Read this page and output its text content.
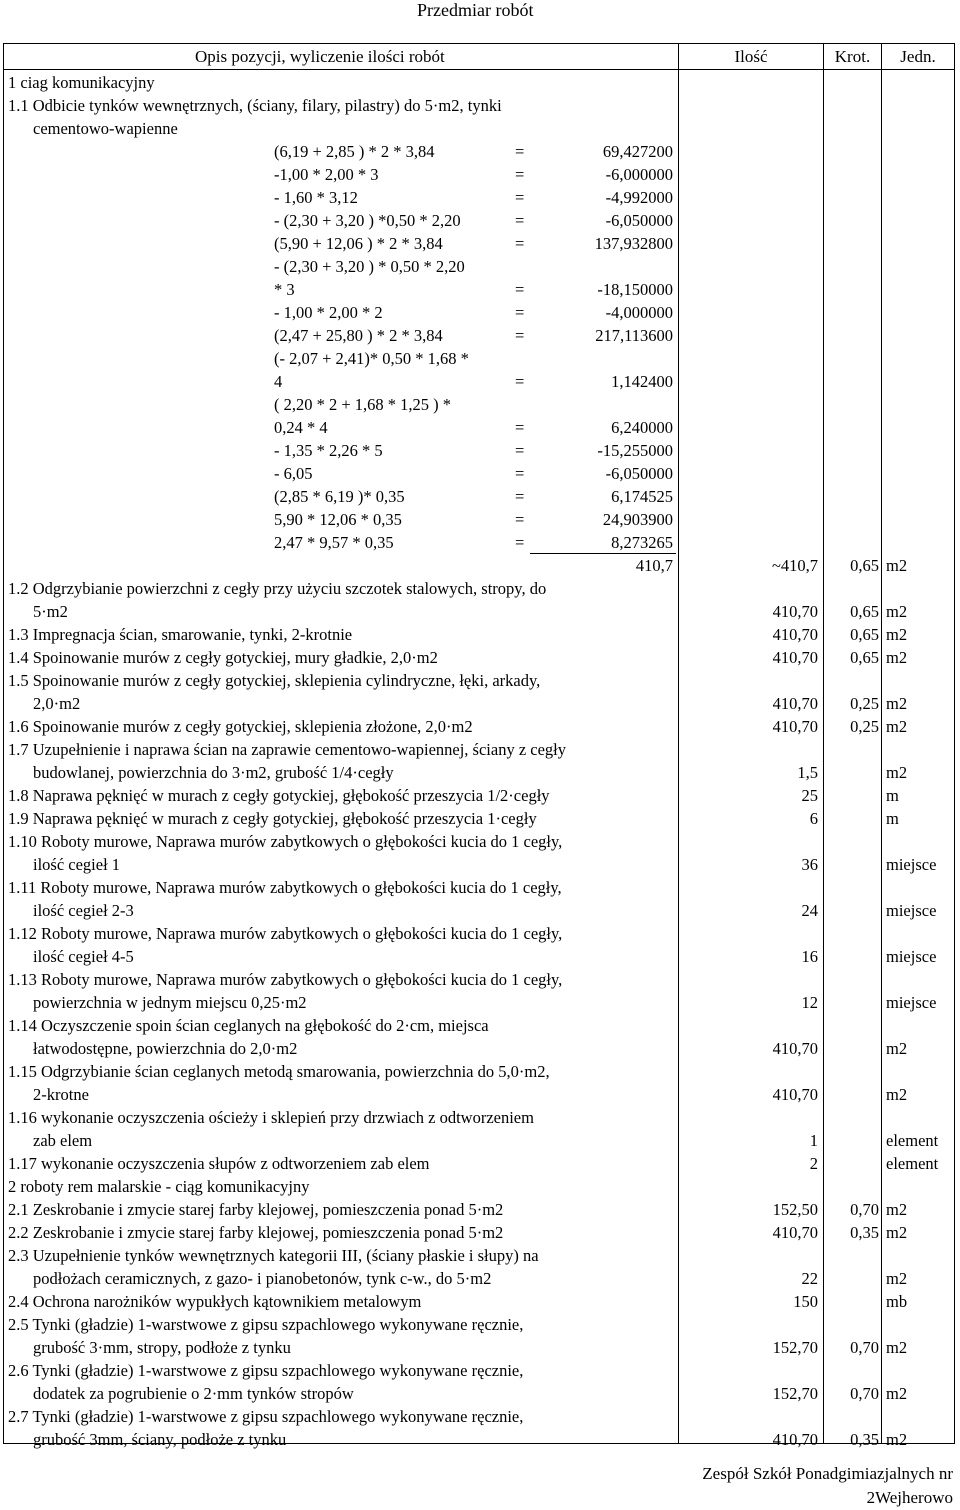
Przedmiar robót
Opis pozycji, wyliczenie ilości robót	Ilość	Krot.	Jedn.
1 ciag komunikacyjny
1.1 Odbicie tynków wewnętrznych, (ściany, filary, pilastry) do 5·m2, tynki
cementowo-wapienne
(6,19 + 2,85 ) * 2 * 3,84	=	69,427200
-1,00 * 2,00 * 3	=	-6,000000
- 1,60 * 3,12	=	-4,992000
- (2,30 + 3,20 ) *0,50 * 2,20	=	-6,050000
(5,90 + 12,06 ) * 2 * 3,84	=	137,932800
- (2,30 + 3,20 ) * 0,50 * 2,20
* 3	=	-18,150000
- 1,00 * 2,00 * 2	=	-4,000000
(2,47 + 25,80 ) * 2 * 3,84	=	217,113600
(- 2,07 + 2,41)* 0,50 * 1,68 *
4	=	1,142400
( 2,20 * 2 + 1,68 * 1,25 ) *
0,24 * 4	=	6,240000
- 1,35 * 2,26 * 5	=	-15,255000
- 6,05	=	-6,050000
(2,85 * 6,19 )* 0,35	=	6,174525
5,90 * 12,06 * 0,35	=	24,903900
2,47 * 9,57 * 0,35	=	8,273265
410,7	~410,7	0,65 m2
1.2 Odgrzybianie powierzchni z cegły przy użyciu szczotek stalowych, stropy, do
5·m2	410,70	0,65 m2
1.3 Impregnacja ścian, smarowanie, tynki, 2-krotnie	410,70	0,65 m2
1.4 Spoinowanie murów z cegły gotyckiej, mury gładkie, 2,0·m2	410,70	0,65 m2
1.5 Spoinowanie murów z cegły gotyckiej, sklepienia cylindryczne, łęki, arkady,
2,0·m2	410,70	0,25 m2
1.6 Spoinowanie murów z cegły gotyckiej, sklepienia złożone, 2,0·m2	410,70	0,25 m2
1.7 Uzupełnienie i naprawa ścian na zaprawie cementowo-wapiennej, ściany z cegły
budowlanej, powierzchnia do 3·m2, grubość 1/4·cegły	1,5	m2
1.8 Naprawa pęknięć w murach z cegły gotyckiej, głębokość przeszycia 1/2·cegły	25	m
1.9 Naprawa pęknięć w murach z cegły gotyckiej, głębokość przeszycia 1·cegły	6	m
1.10 Roboty murowe, Naprawa murów zabytkowych o głębokości kucia do 1 cegły,
ilość cegieł 1	36	miejsce
1.11 Roboty murowe, Naprawa murów zabytkowych o głębokości kucia do 1 cegły,
ilość cegieł 2-3	24	miejsce
1.12 Roboty murowe, Naprawa murów zabytkowych o głębokości kucia do 1 cegły,
ilość cegieł 4-5	16	miejsce
1.13 Roboty murowe, Naprawa murów zabytkowych o głębokości kucia do 1 cegły,
powierzchnia w jednym miejscu 0,25·m2	12	miejsce
1.14 Oczyszczenie spoin ścian ceglanych na głębokość do 2·cm, miejsca
łatwodostępne, powierzchnia do 2,0·m2	410,70	m2
1.15 Odgrzybianie ścian ceglanych metodą smarowania, powierzchnia do 5,0·m2,
2-krotne	410,70	m2
1.16 wykonanie oczyszczenia ościeży i sklepień przy drzwiach z odtworzeniem
zab elem	1	element
1.17 wykonanie oczyszczenia słupów z odtworzeniem zab elem	2	element
2 roboty rem malarskie - ciąg komunikacyjny
2.1 Zeskrobanie i zmycie starej farby klejowej, pomieszczenia ponad 5·m2	152,50	0,70 m2
2.2 Zeskrobanie i zmycie starej farby klejowej, pomieszczenia ponad 5·m2	410,70	0,35 m2
2.3 Uzupełnienie tynków wewnętrznych kategorii III, (ściany płaskie i słupy) na
podłożach ceramicznych, z gazo- i pianobetonów, tynk c-w., do 5·m2	22	m2
2.4 Ochrona narożników wypukłych kątownikiem metalowym	150	mb
2.5 Tynki (gładzie) 1-warstwowe z gipsu szpachlowego wykonywane ręcznie,
grubość 3·mm, stropy, podłoże z tynku	152,70	0,70 m2
2.6 Tynki (gładzie) 1-warstwowe z gipsu szpachlowego wykonywane ręcznie,
dodatek za pogrubienie o 2·mm tynków stropów	152,70	0,70 m2
2.7 Tynki (gładzie) 1-warstwowe z gipsu szpachlowego wykonywane ręcznie,
grubość 3mm, ściany, podłoże z tynku	410,70	0,35 m2
Zespół Szkół Ponadgimiazjalnych nr
2Wejherowo
